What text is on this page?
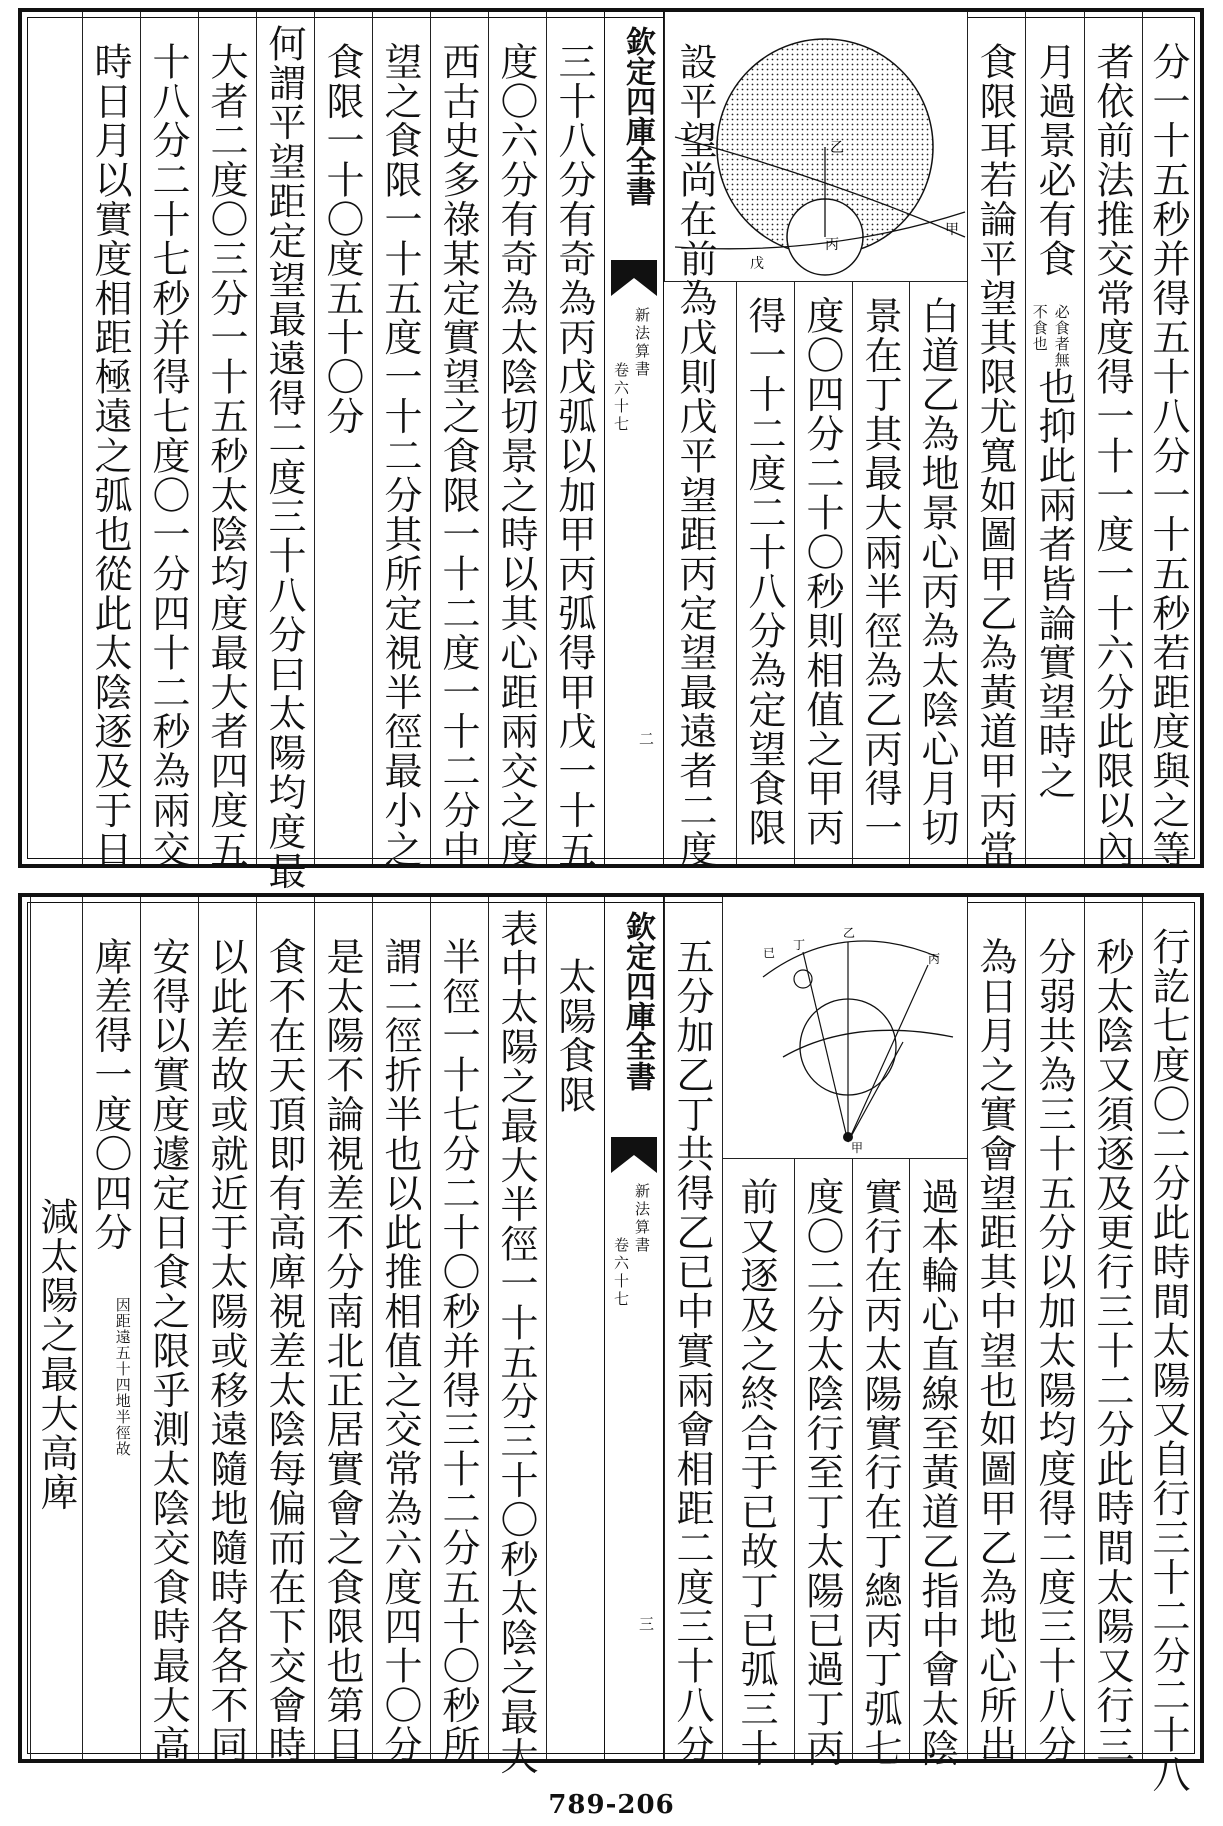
分一十五秒并得五十八分一十五秒若距度與之等
者依前法推交常度得一十一度一十六分此限以內
月過景必有食
不食也 必食者無
也抑此兩者皆論實望時之
食限耳若論平望其限尤寬如圖甲乙為黃道甲丙當
乙
甲
丙
戊
白道乙為地景心丙為太陰心月切
景在丁其最大兩半徑為乙丙得一
度〇四分二十〇秒則相值之甲丙
得一十二度二十八分為定望食限
設平望尚在前為戊則戊平望距丙定望最遠者二度
欽定四庫全書
新法算書
卷六十七
二
三十八分有奇為丙戊弧以加甲丙弧得甲戊一十五
度〇六分有奇為太陰切景之時以其心距兩交之度
西古史多祿某定實望之食限一十二度一十二分中
望之食限一十五度一十二分其所定視半徑最小之
食限一十〇度五十〇分
何謂平望距定望最遠得二度三十八分曰太陽均度最
大者二度〇三分一十五秒太陰均度最大者四度五
十八分二十七秒并得七度〇一分四十二秒為兩交
時日月以實度相距極遠之弧也從此太陰逐及于日
行訖七度〇二分此時間太陽又自行三十二分二十八
秒太陰又須逐及更行三十二分此時間太陽又行三
分弱共為三十五分以加太陽均度得二度三十八分
為日月之實會望距其中望也如圖甲乙為地心所出
乙
丁
已	丙
甲
過本輪心直線至黃道乙指中會太陰
實行在丙太陽實行在丁總丙丁弧七
度〇二分太陰行至丁太陽已過丁丙
前又逐及之終合于已故丁已弧三十
五分加乙丁共得乙已中實兩會相距二度三十八分
欽定四庫全書
新法算書
卷六十七
三
太陽食限
表中太陽之最大半徑一十五分三十〇秒太陰之最大
半徑一十七分二十〇秒并得三十二分五十〇秒所
謂二徑折半也以此推相值之交常為六度四十〇分
是太陽不論視差不分南北正居實會之食限也第日
食不在天頂即有高庳視差太陰每偏而在下交會時
以此差故或就近于太陽或移遠隨地隨時各各不同
安得以實度遽定日食之限乎測太陰交食時最大高
庳差得一度〇四分
因距遠五十四地半徑故
減太陽之最大高庳
789-206
